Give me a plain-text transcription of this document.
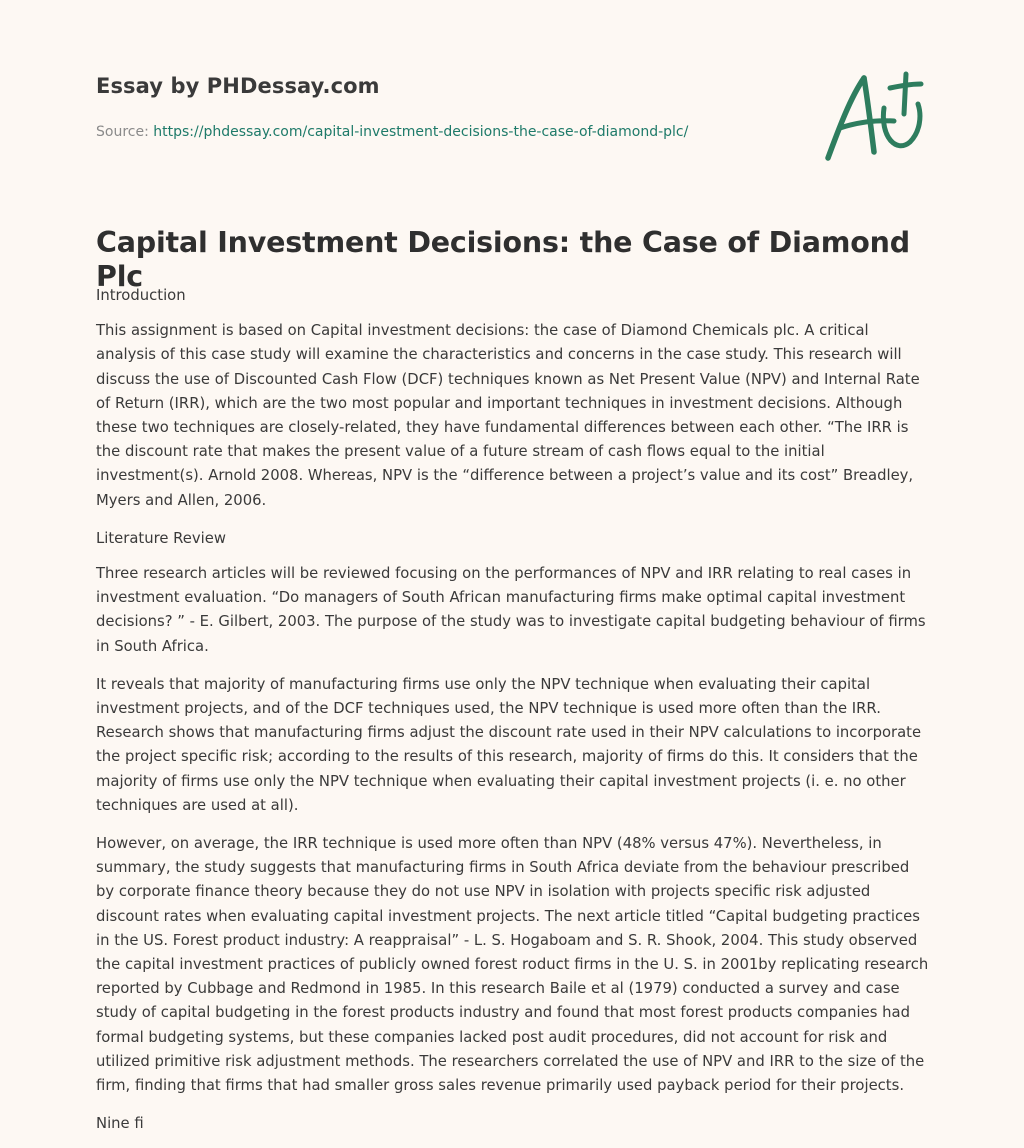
Essay by PHDessay.com
Source: https://phdessay.com/capital-investment-decisions-the-case-of-diamond-plc/
Capital Investment Decisions: the Case of Diamond Plc

Introduction

This assignment is based on Capital investment decisions: the case of Diamond Chemicals plc. A critical analysis of this case study will examine the characteristics and concerns in the case study. This research will discuss the use of Discounted Cash Flow (DCF) techniques known as Net Present Value (NPV) and Internal Rate of Return (IRR), which are the two most popular and important techniques in investment decisions. Although these two techniques are closely-related, they have fundamental differences between each other. “The IRR is the discount rate that makes the present value of a future stream of cash flows equal to the initial investment(s). Arnold 2008. Whereas, NPV is the “difference between a project’s value and its cost” Breadley, Myers and Allen, 2006.

Literature Review

Three research articles will be reviewed focusing on the performances of NPV and IRR relating to real cases in investment evaluation. “Do managers of South African manufacturing firms make optimal capital investment decisions? ” - E. Gilbert, 2003. The purpose of the study was to investigate capital budgeting behaviour of firms in South Africa.

It reveals that majority of manufacturing firms use only the NPV technique when evaluating their capital investment projects, and of the DCF techniques used, the NPV technique is used more often than the IRR. Research shows that manufacturing firms adjust the discount rate used in their NPV calculations to incorporate the project specific risk; according to the results of this research, majority of firms do this. It considers that the majority of firms use only the NPV technique when evaluating their capital investment projects (i. e. no other techniques are used at all).

However, on average, the IRR technique is used more often than NPV (48% versus 47%). Nevertheless, in summary, the study suggests that manufacturing firms in South Africa deviate from the behaviour prescribed by corporate finance theory because they do not use NPV in isolation with projects specific risk adjusted discount rates when evaluating capital investment projects. The next article titled “Capital budgeting practices in the US. Forest product industry: A reappraisal” - L. S. Hogaboam and S. R. Shook, 2004. This study observed the capital investment practices of publicly owned forest roduct firms in the U. S. in 2001by replicating research reported by Cubbage and Redmond in 1985. In this research Baile et al (1979) conducted a survey and case study of capital budgeting in the forest products industry and found that most forest products companies had formal budgeting systems, but these companies lacked post audit procedures, did not account for risk and utilized primitive risk adjustment methods. The researchers correlated the use of NPV and IRR to the size of the firm, finding that firms that had smaller gross sales revenue primarily used payback period for their projects.

Nine fi
